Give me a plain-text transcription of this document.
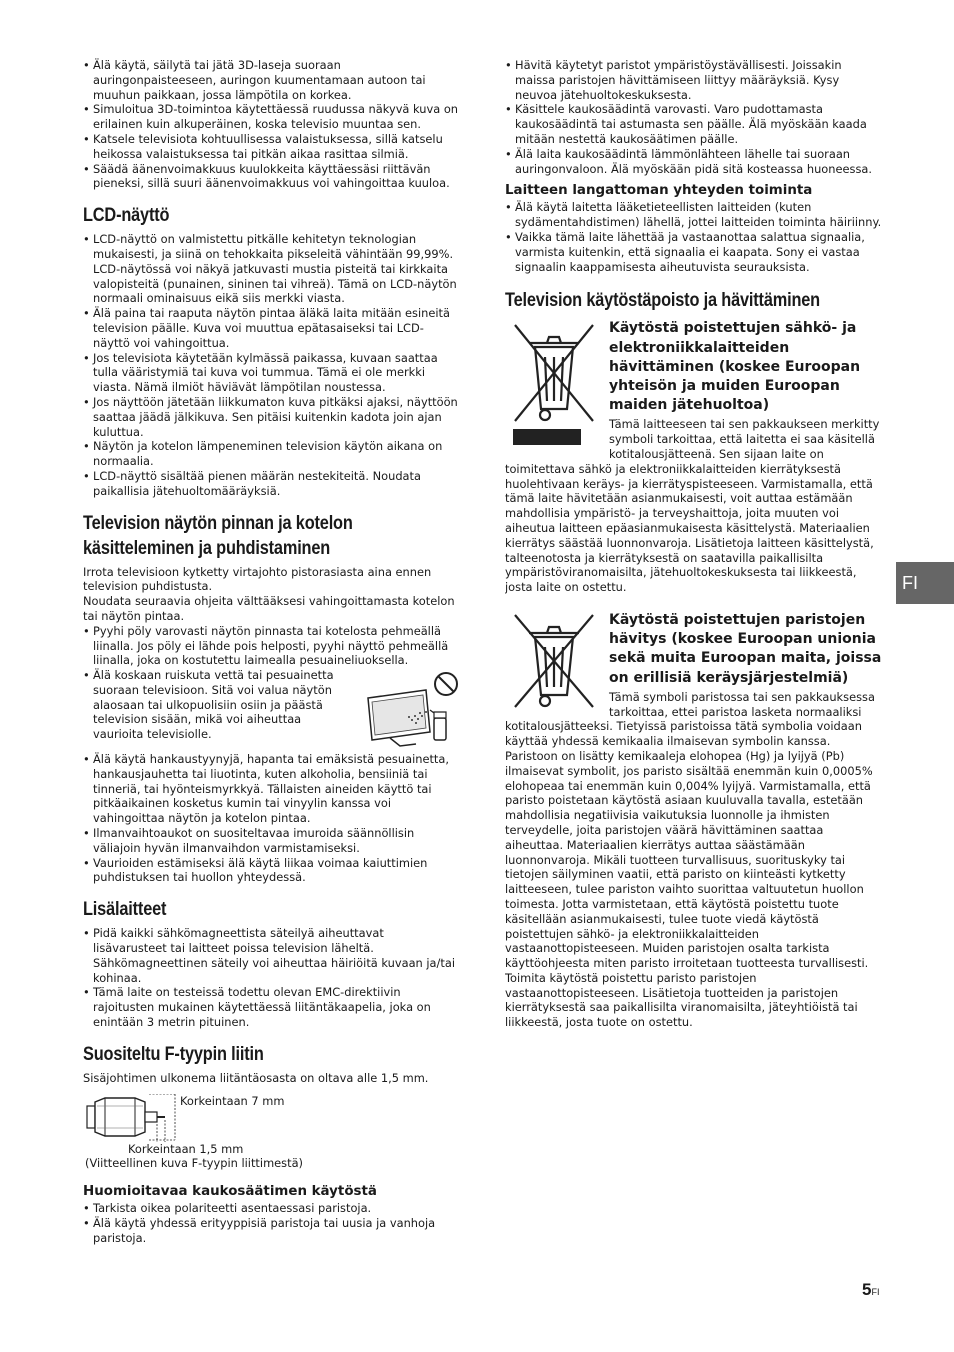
• Älä käytä, säilytä tai jätä 3D-laseja suoraan auringonpaisteeseen, auringon kuumentamaan autoon tai muuhun paikkaan, jossa lämpötila on korkea.
• Simuloitua 3D-toimintoa käytettäessä ruudussa näkyvä kuva on erilainen kuin alkuperäinen, koska televisio muuntaa sen.
• Katsele televisiota kohtuullisessa valaistuksessa, sillä katselu heikossa valaistuksessa tai pitkän aikaa rasittaa silmiä.
• Säädä äänenvoimakkuus kuulokkeita käyttäessäsi riittävän pieneksi, sillä suuri äänenvoimakkuus voi vahingoittaa kuuloa.
LCD-näyttö
• LCD-näyttö on valmistettu pitkälle kehitetyn teknologian mukaisesti, ja siinä on tehokkaita pikseleitä vähintään 99,99%. LCD-näytössä voi näkyä jatkuvasti mustia pisteitä tai kirkkaita valopisteitä (punainen, sininen tai vihreä). Tämä on LCD-näytön normaali ominaisuus eikä siis merkki viasta.
• Älä paina tai raaputa näytön pintaa äläkä laita mitään esineitä television päälle. Kuva voi muuttua epätasaiseksi tai LCD-näyttö voi vahingoittua.
• Jos televisiota käytetään kylmässä paikassa, kuvaan saattaa tulla vääristymiä tai kuva voi tummua. Tämä ei ole merkki viasta. Nämä ilmiöt häviävät lämpötilan noustessa.
• Jos näyttöön jätetään liikkumaton kuva pitkäksi ajaksi, näyttöön saattaa jäädä jälkikuva. Sen pitäisi kuitenkin kadota join ajan kuluttua.
• Näytön ja kotelon lämpeneminen television käytön aikana on normaalia.
• LCD-näyttö sisältää pienen määrän nestekiteitä. Noudata paikallisia jätehuoltomääräyksiä.
Television näytön pinnan ja kotelon käsitteleminen ja puhdistaminen

Irrota televisioon kytketty virtajohto pistorasiasta aina ennen television puhdistusta.

Noudata seuraavia ohjeita välttääksesi vahingoittamasta kotelon tai näytön pintaa.

• Pyyhi pöly varovasti näytön pinnasta tai kotelosta pehmeällä liinalla. Jos pöly ei lähde pois helposti, pyyhi näyttö pehmeällä liinalla, joka on kostutettu laimealla pesuaineliuoksella.
• Älä koskaan ruiskuta vettä tai pesuainetta suoraan televisioon. Sitä voi valua näytön alaosaan tai ulkopuolisiin osiin ja päästä television sisään, mikä voi aiheuttaa vaurioita televisiolle.
• Älä käytä hankaustyynyjä, hapanta tai emäksistä pesuainetta, hankausjauhetta tai liuotinta, kuten alkoholia, bensiiniä tai tinneriä, tai hyönteismyrkkyä. Tällaisten aineiden käyttö tai pitkäaikainen kosketus kumin tai vinyylin kanssa voi vahingoittaa näytön ja kotelon pintaa.
• Ilmanvaihtoaukot on suositeltavaa imuroida säännöllisin väliajoin hyvän ilmanvaihdon varmistamiseksi.
• Vaurioiden estämiseksi älä käytä liikaa voimaa kaiuttimien puhdistuksen tai huollon yhteydessä.
Lisälaitteet
• Pidä kaikki sähkömagneettista säteilyä aiheuttavat lisävarusteet tai laitteet poissa television läheltä. Sähkömagneettinen säteily voi aiheuttaa häiriöitä kuvaan ja/tai kohinaa.
• Tämä laite on testeissä todettu olevan EMC-direktiivin rajoitusten mukainen käytettäessä liitäntäkaapelia, joka on enintään 3 metrin pituinen.
Suositeltu F-tyypin liitin

Sisäjohtimen ulkonema liitäntäosasta on oltava alle 1,5 mm.

Korkeintaan 7 mm

Korkeintaan 1,5 mm

(Viitteellinen kuva F-tyypin liittimestä)

Huomioitavaa kaukosäätimen käytöstä
• Tarkista oikea polariteetti asentaessasi paristoja.
• Älä käytä yhdessä erityyppisiä paristoja tai uusia ja vanhoja paristoja.
• Hävitä käytetyt paristot ympäristöystävällisesti. Joissakin maissa paristojen hävittämiseen liittyy määräyksiä. Kysy neuvoa jätehuoltokeskuksesta.
• Käsittele kaukosäädintä varovasti. Varo pudottamasta kaukosäädintä tai astumasta sen päälle. Älä myöskään kaada mitään nestettä kaukosäätimen päälle.
• Älä laita kaukosäädintä lämmönlähteen lähelle tai suoraan auringonvaloon. Älä myöskään pidä sitä kosteassa huoneessa.
Laitteen langattoman yhteyden toiminta
• Älä käytä laitetta lääketieteellisten laitteiden (kuten sydämentahdistimen) lähellä, jottei laitteiden toiminta häiriinny.
• Vaikka tämä laite lähettää ja vastaanottaa salattua signaalia, varmista kuitenkin, että signaalia ei kaapata. Sony ei vastaa signaalin kaappamisesta aiheutuvista seurauksista.
Television käytöstäpoisto ja hävittäminen

Käytöstä poistettujen sähkö- ja elektroniikkalaitteiden hävittäminen (koskee Euroopan yhteisön ja muiden Euroopan maiden jätehuoltoa)

Tämä laitteeseen tai sen pakkaukseen merkitty symboli tarkoittaa, että laitetta ei saa käsitellä kotitalousjätteenä. Sen sijaan laite on toimitettava sähkö ja elektroniikkalaitteiden kierrätyksestä huolehtivaan keräys- ja kierrätyspisteeseen. Varmistamalla, että tämä laite hävitetään asianmukaisesti, voit auttaa estämään mahdollisia ympäristö- ja terveyshaittoja, joita muuten voi aiheutua laitteen epäasianmukaisesta käsittelystä. Materiaalien kierrätys säästää luonnonvaroja. Lisätietoja laitteen käsittelystä, talteenotosta ja kierrätyksestä on saatavilla paikallisilta ympäristöviranomaisilta, jätehuoltokeskuksesta tai liikkeestä, josta laite on ostettu.

Käytöstä poistettujen paristojen hävitys (koskee Euroopan unionia sekä muita Euroopan maita, joissa on erillisiä keräysjärjestelmiä)

Tämä symboli paristossa tai sen pakkauksessa tarkoittaa, ettei paristoa lasketa normaaliksi kotitalousjätteeksi. Tietyissä paristoissa tätä symbolia voidaan käyttää yhdessä kemikaalia ilmaisevan symbolin kanssa. Paristoon on lisätty kemikaaleja elohopea (Hg) ja lyijyä (Pb) ilmaisevat symbolit, jos paristo sisältää enemmän kuin 0,0005% elohopeaa tai enemmän kuin 0,004% lyijyä. Varmistamalla, että paristo poistetaan käytöstä asiaan kuuluvalla tavalla, estetään mahdollisia negatiivisia vaikutuksia luonnolle ja ihmisten terveydelle, joita paristojen väärä hävittäminen saattaa aiheuttaa. Materiaalien kierrätys auttaa säästämään luonnonvaroja. Mikäli tuotteen turvallisuus, suorituskyky tai tietojen säilyminen vaatii, että paristo on kiinteästi kytketty laitteeseen, tulee pariston vaihto suorittaa valtuutetun huollon toimesta. Jotta varmistetaan, että käytöstä poistettu tuote käsitellään asianmukaisesti, tulee tuote viedä käytöstä poistettujen sähkö- ja elektroniikkalaitteiden vastaanottopisteeseen. Muiden paristojen osalta tarkista käyttöohjeesta miten paristo irroitetaan tuotteesta turvallisesti. Toimita käytöstä poistettu paristo paristojen vastaanottopisteeseen. Lisätietoja tuotteiden ja paristojen kierrätyksestä saa paikallisilta viranomaisilta, jäteyhtiöistä tai liikkeestä, josta tuote on ostettu.

FI
$5^{FI}$
